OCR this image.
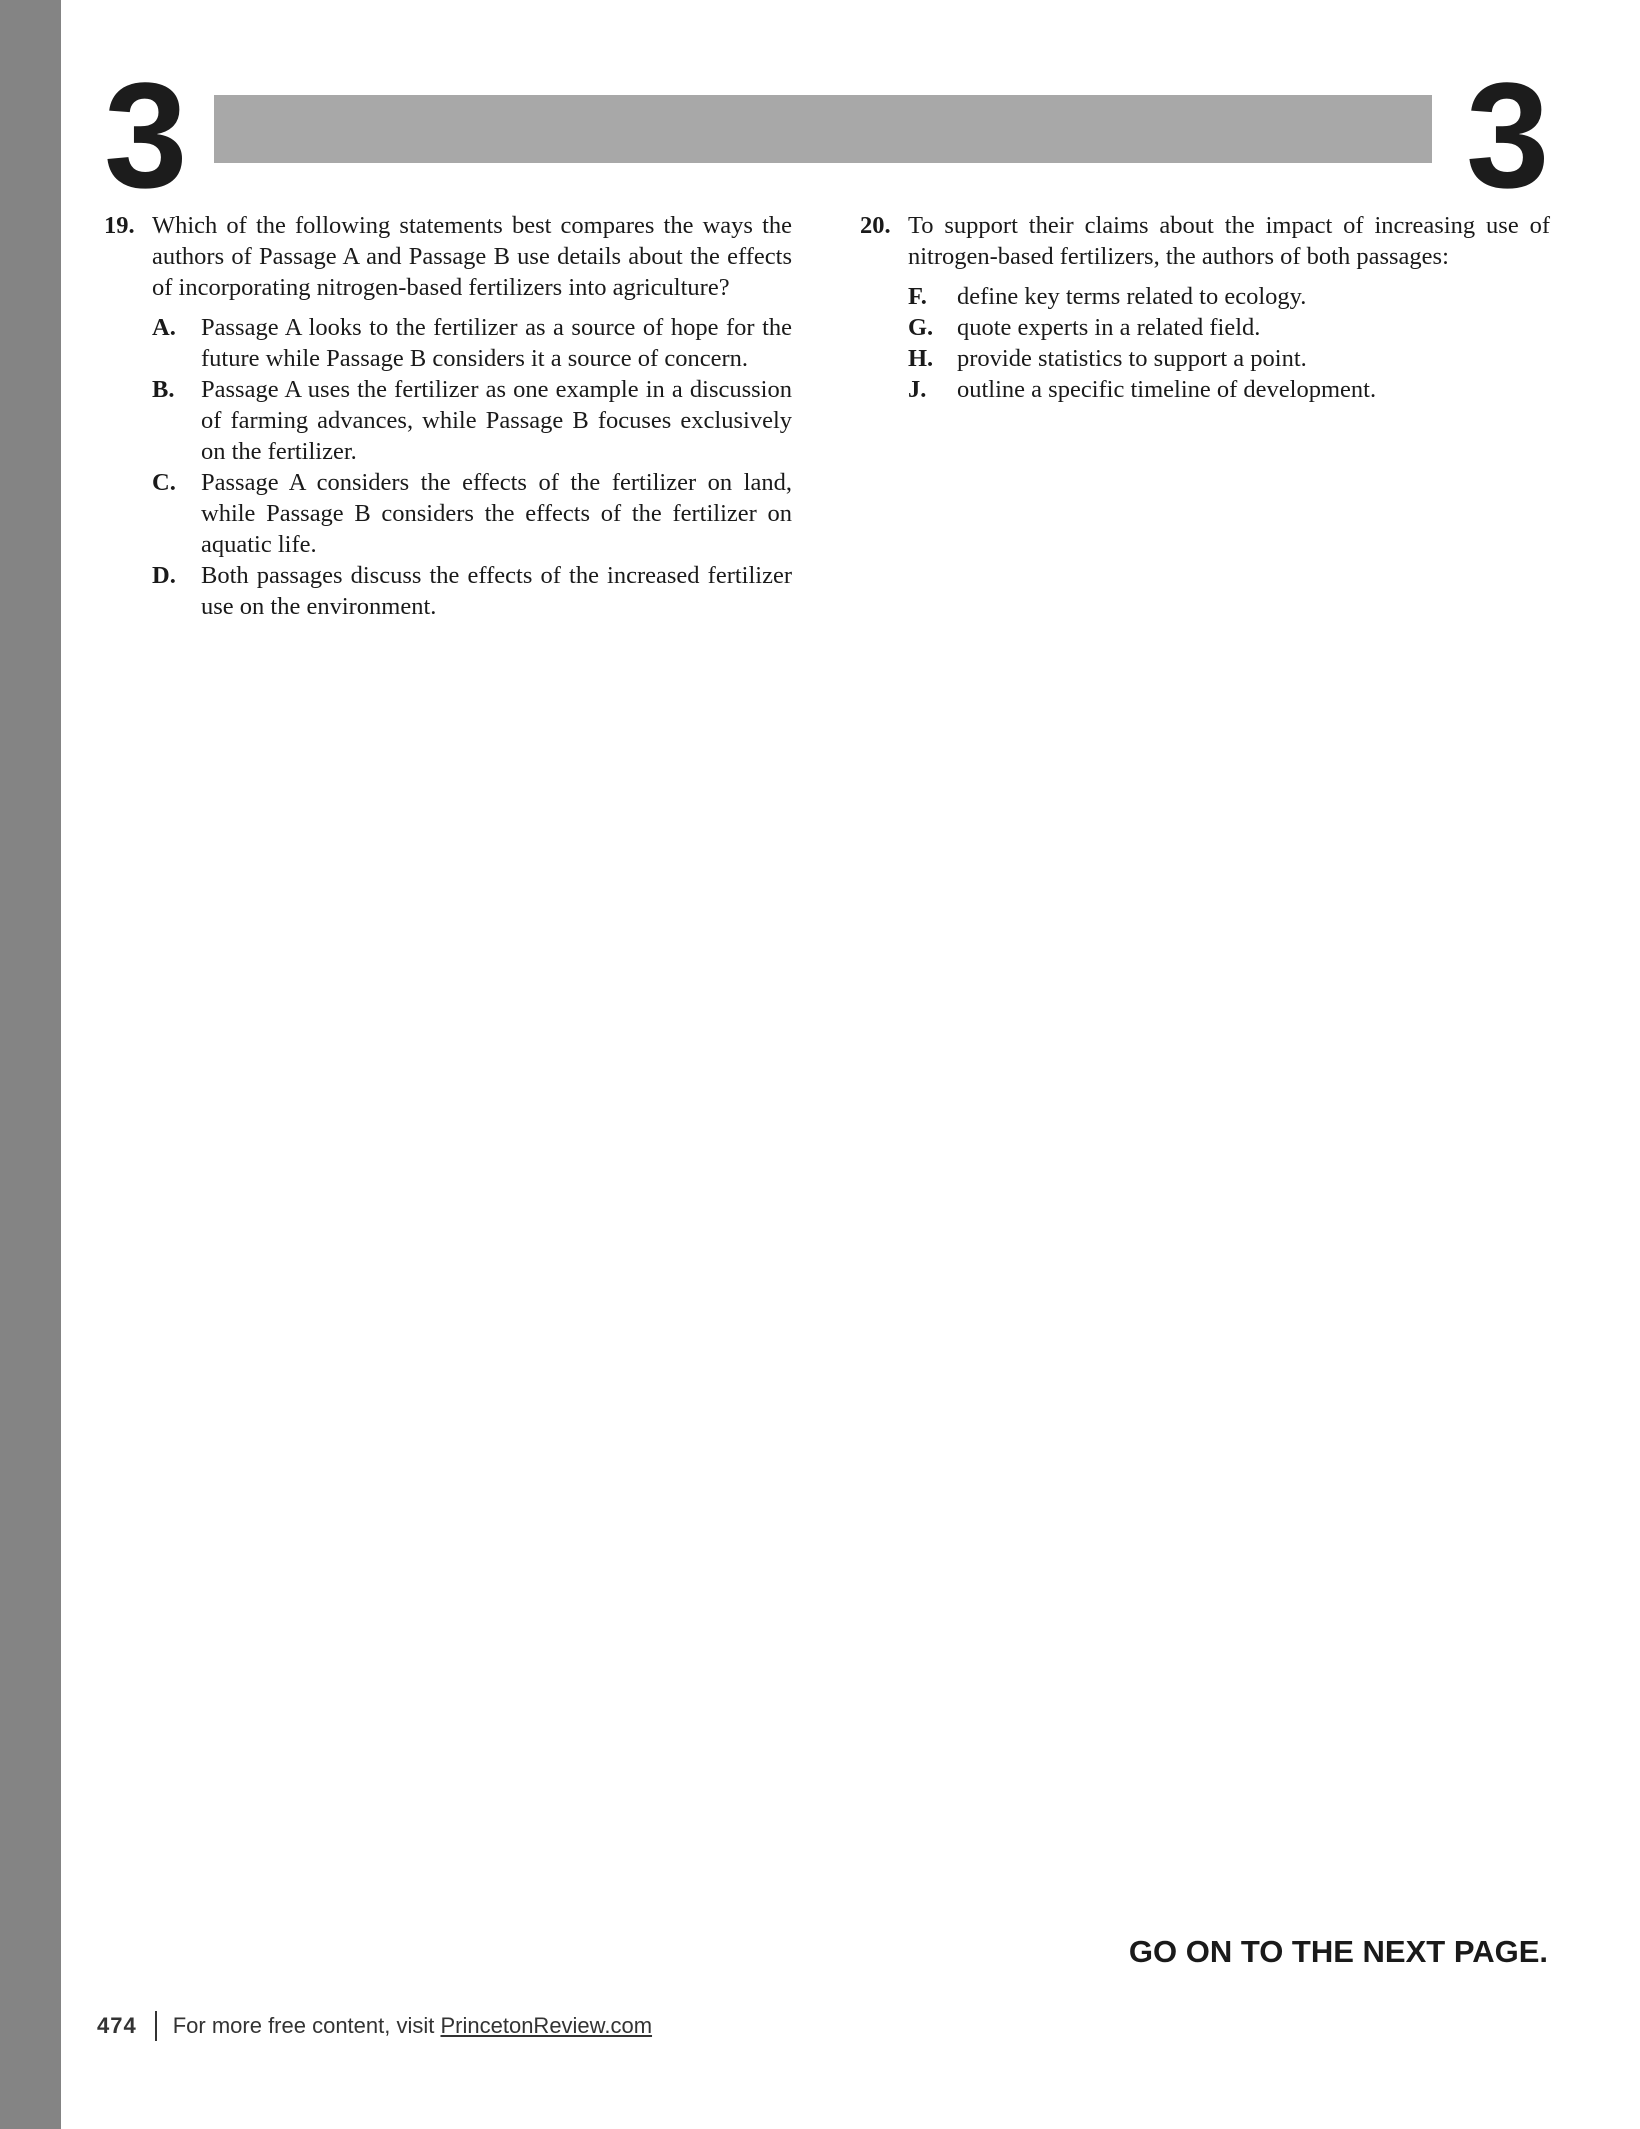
3	3
19. Which of the following statements best compares the ways the authors of Passage A and Passage B use details about the effects of incorporating nitrogen-based fertilizers into agriculture?
A.	Passage A looks to the fertilizer as a source of hope for the future while Passage B considers it a source of concern.
B.	Passage A uses the fertilizer as one example in a discussion of farming advances, while Passage B focuses exclusively on the fertilizer.
C.	Passage A considers the effects of the fertilizer on land, while Passage B considers the effects of the fertilizer on aquatic life.
D.	Both passages discuss the effects of the increased fertilizer use on the environment.
20. To support their claims about the impact of increasing use of nitrogen-based fertilizers, the authors of both passages:
F.	define key terms related to ecology.
G. quote experts in a related field.
H. provide statistics to support a point.
J.	outline a specific timeline of development.
GO ON TO THE NEXT PAGE.
474 For more free content, visit PrincetonReview.com
